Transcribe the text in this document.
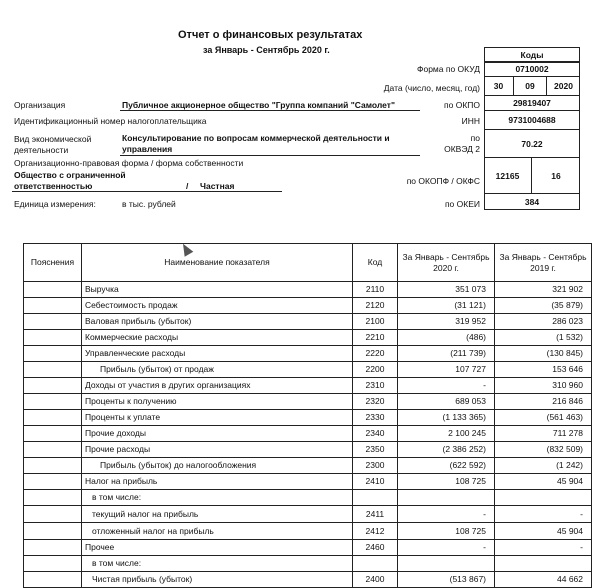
Отчет о финансовых результатах
за Январь - Сентябрь 2020 г.	Коды
Форма по ОКУД	0710002
Дата (число, месяц, год)	30	09	2020
Организация	Публичное акционерное общество "Группа компаний "Самолет"	по ОКПО	29819407
Идентификационный номер налогоплательщика	ИНН	9731004688
Вид экономической
деятельности
Консультирование по вопросам коммерческой деятельности и
управления
по
ОКВЭД 2
70.22
Организационно-правовая форма / форма собственности
Общество с ограниченной
ответственностью	/ Частная	по ОКОПФ / ОКФС
12165	16
Единица измерения:	в тыс. рублей	по ОКЕИ	384
Пояснения	Наименование показателя	Код	За Январь - Сентябрь 2020 г.	За Январь - Сентябрь 2019 г.
	Выручка	2110	351 073	321 902
	Себестоимость продаж	2120	(31 121)	(35 879)
	Валовая прибыль (убыток)	2100	319 952	286 023
	Коммерческие расходы	2210	(486)	(1 532)
	Управленческие расходы	2220	(211 739)	(130 845)
	Прибыль (убыток) от продаж	2200	107 727	153 646
	Доходы от участия в других организациях	2310	-	310 960
	Проценты к получению	2320	689 053	216 846
	Проценты к уплате	2330	(1 133 365)	(561 463)
	Прочие доходы	2340	2 100 245	711 278
	Прочие расходы	2350	(2 386 252)	(832 509)
	Прибыль (убыток) до налогообложения	2300	(622 592)	(1 242)
	Налог на прибыль	2410	108 725	45 904
	в том числе:			
	текущий налог на прибыль	2411	-	-
	отложенный налог на прибыль	2412	108 725	45 904
	Прочее	2460	-	-
	в том числе:			
	Чистая прибыль (убыток)	2400	(513 867)	44 662
